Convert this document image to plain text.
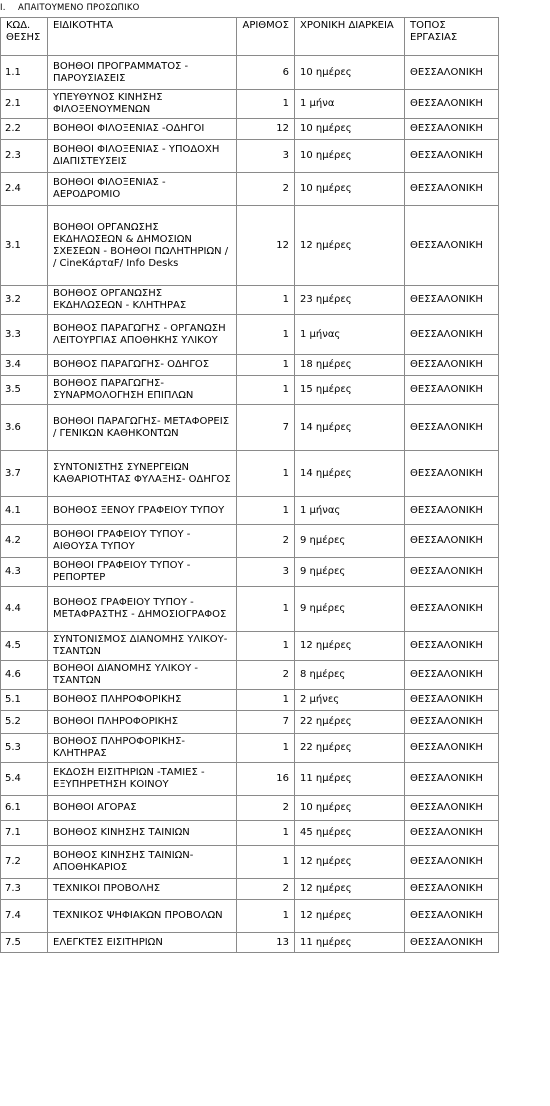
I. ΑΠΑΙΤΟΥΜΕΝΟ ΠΡΟΣΩΠΙΚΟ
ΚΩΔ. ΘΕΣΗΣ	ΕΙΔΙΚΟΤΗΤΑ	ΑΡΙΘΜΟΣ	ΧΡΟΝΙΚΗ ΔΙΑΡΚΕΙΑ	ΤΟΠΟΣ ΕΡΓΑΣΙΑΣ
1.1	ΒΟΗΘΟΙ ΠΡΟΓΡΑΜΜΑΤΟΣ - ΠΑΡΟΥΣΙΑΣΕΙΣ	6	10 ημέρες	ΘΕΣΣΑΛΟΝΙΚΗ
2.1	ΥΠΕΥΘΥΝΟΣ ΚΙΝΗΣΗΣ ΦΙΛΟΞΕΝΟΥΜΕΝΩΝ	1	1 μήνα	ΘΕΣΣΑΛΟΝΙΚΗ
2.2	ΒΟΗΘΟΙ ΦΙΛΟΞΕΝΙΑΣ -ΟΔΗΓΟΙ	12	10 ημέρες	ΘΕΣΣΑΛΟΝΙΚΗ
2.3	ΒΟΗΘΟΙ ΦΙΛΟΞΕΝΙΑΣ - ΥΠΟΔΟΧΗ ΔΙΑΠΙΣΤΕΥΣΕΙΣ	3	10 ημέρες	ΘΕΣΣΑΛΟΝΙΚΗ
2.4	ΒΟΗΘΟΙ ΦΙΛΟΞΕΝΙΑΣ - ΑΕΡΟΔΡΟΜΙΟ	2	10 ημέρες	ΘΕΣΣΑΛΟΝΙΚΗ
3.1	ΒΟΗΘΟΙ ΟΡΓΑΝΩΣΗΣ ΕΚΔΗΛΩΣΕΩΝ & ΔΗΜΟΣΙΩΝ ΣΧΕΣΕΩΝ - ΒΟΗΘΟΙ ΠΩΛΗΤΗΡΙΩΝ / / CineΚάρταF/ Info Desks	12	12 ημέρες	ΘΕΣΣΑΛΟΝΙΚΗ
3.2	ΒΟΗΘΟΣ ΟΡΓΑΝΩΣΗΣ ΕΚΔΗΛΩΣΕΩΝ - ΚΛΗΤΗΡΑΣ	1	23 ημέρες	ΘΕΣΣΑΛΟΝΙΚΗ
3.3	ΒΟΗΘΟΣ ΠΑΡΑΓΩΓΗΣ - ΟΡΓΑΝΩΣΗ ΛΕΙΤΟΥΡΓΙΑΣ ΑΠΟΘΗΚΗΣ ΥΛΙΚΟΥ	1	1 μήνας	ΘΕΣΣΑΛΟΝΙΚΗ
3.4	ΒΟΗΘΟΣ ΠΑΡΑΓΩΓΗΣ- ΟΔΗΓΟΣ	1	18 ημέρες	ΘΕΣΣΑΛΟΝΙΚΗ
3.5	ΒΟΗΘΟΣ ΠΑΡΑΓΩΓΗΣ- ΣΥΝΑΡΜΟΛΟΓΗΣΗ ΕΠΙΠΛΩΝ	1	15 ημέρες	ΘΕΣΣΑΛΟΝΙΚΗ
3.6	ΒΟΗΘΟΙ ΠΑΡΑΓΩΓΗΣ- ΜΕΤΑΦΟΡΕΙΣ / ΓΕΝΙΚΩΝ ΚΑΘΗΚΟΝΤΩΝ	7	14 ημέρες	ΘΕΣΣΑΛΟΝΙΚΗ
3.7	ΣΥΝΤΟΝΙΣΤΗΣ ΣΥΝΕΡΓΕΙΩΝ ΚΑΘΑΡΙΟΤΗΤΑΣ ΦΥΛΑΞΗΣ- ΟΔΗΓΟΣ	1	14 ημέρες	ΘΕΣΣΑΛΟΝΙΚΗ
4.1	ΒΟΗΘΟΣ ΞΕΝΟΥ ΓΡΑΦΕΙΟΥ ΤΥΠΟΥ	1	1 μήνας	ΘΕΣΣΑΛΟΝΙΚΗ
4.2	ΒΟΗΘΟΙ ΓΡΑΦΕΙΟΥ ΤΥΠΟΥ - ΑΙΘΟΥΣΑ ΤΥΠΟΥ	2	9 ημέρες	ΘΕΣΣΑΛΟΝΙΚΗ
4.3	ΒΟΗΘΟΙ ΓΡΑΦΕΙΟΥ ΤΥΠΟΥ - ΡΕΠΟΡΤΕΡ	3	9 ημέρες	ΘΕΣΣΑΛΟΝΙΚΗ
4.4	ΒΟΗΘΟΣ ΓΡΑΦΕΙΟΥ ΤΥΠΟΥ - ΜΕΤΑΦΡΑΣΤΗΣ - ΔΗΜΟΣΙΟΓΡΑΦΟΣ	1	9 ημέρες	ΘΕΣΣΑΛΟΝΙΚΗ
4.5	ΣΥΝΤΟΝΙΣΜΟΣ ΔΙΑΝΟΜΗΣ ΥΛΙΚΟΥ- ΤΣΑΝΤΩΝ	1	12 ημέρες	ΘΕΣΣΑΛΟΝΙΚΗ
4.6	ΒΟΗΘΟΙ ΔΙΑΝΟΜΗΣ ΥΛΙΚΟΥ - ΤΣΑΝΤΩΝ	2	8 ημέρες	ΘΕΣΣΑΛΟΝΙΚΗ
5.1	ΒΟΗΘΟΣ ΠΛΗΡΟΦΟΡΙΚΗΣ	1	2 μήνες	ΘΕΣΣΑΛΟΝΙΚΗ
5.2	ΒΟΗΘΟΙ ΠΛΗΡΟΦΟΡΙΚΗΣ	7	22 ημέρες	ΘΕΣΣΑΛΟΝΙΚΗ
5.3	ΒΟΗΘΟΣ ΠΛΗΡΟΦΟΡΙΚΗΣ- ΚΛΗΤΗΡΑΣ	1	22 ημέρες	ΘΕΣΣΑΛΟΝΙΚΗ
5.4	ΕΚΔΟΣΗ ΕΙΣΙΤΗΡΙΩΝ -ΤΑΜΙΕΣ - ΕΞΥΠΗΡΕΤΗΣΗ ΚΟΙΝΟΥ	16	11 ημέρες	ΘΕΣΣΑΛΟΝΙΚΗ
6.1	ΒΟΗΘΟΙ ΑΓΟΡΑΣ	2	10 ημέρες	ΘΕΣΣΑΛΟΝΙΚΗ
7.1	ΒΟΗΘΟΣ ΚΙΝΗΣΗΣ ΤΑΙΝΙΩΝ	1	45 ημέρες	ΘΕΣΣΑΛΟΝΙΚΗ
7.2	ΒΟΗΘΟΣ ΚΙΝΗΣΗΣ ΤΑΙΝΙΩΝ- ΑΠΟΘΗΚΑΡΙΟΣ	1	12 ημέρες	ΘΕΣΣΑΛΟΝΙΚΗ
7.3	ΤΕΧΝΙΚΟΙ ΠΡΟΒΟΛΗΣ	2	12 ημέρες	ΘΕΣΣΑΛΟΝΙΚΗ
7.4	ΤΕΧΝΙΚΟΣ ΨΗΦΙΑΚΩΝ ΠΡΟΒΟΛΩΝ	1	12 ημέρες	ΘΕΣΣΑΛΟΝΙΚΗ
7.5	ΕΛΕΓΚΤΕΣ ΕΙΣΙΤΗΡΙΩΝ	13	11 ημέρες	ΘΕΣΣΑΛΟΝΙΚΗ
